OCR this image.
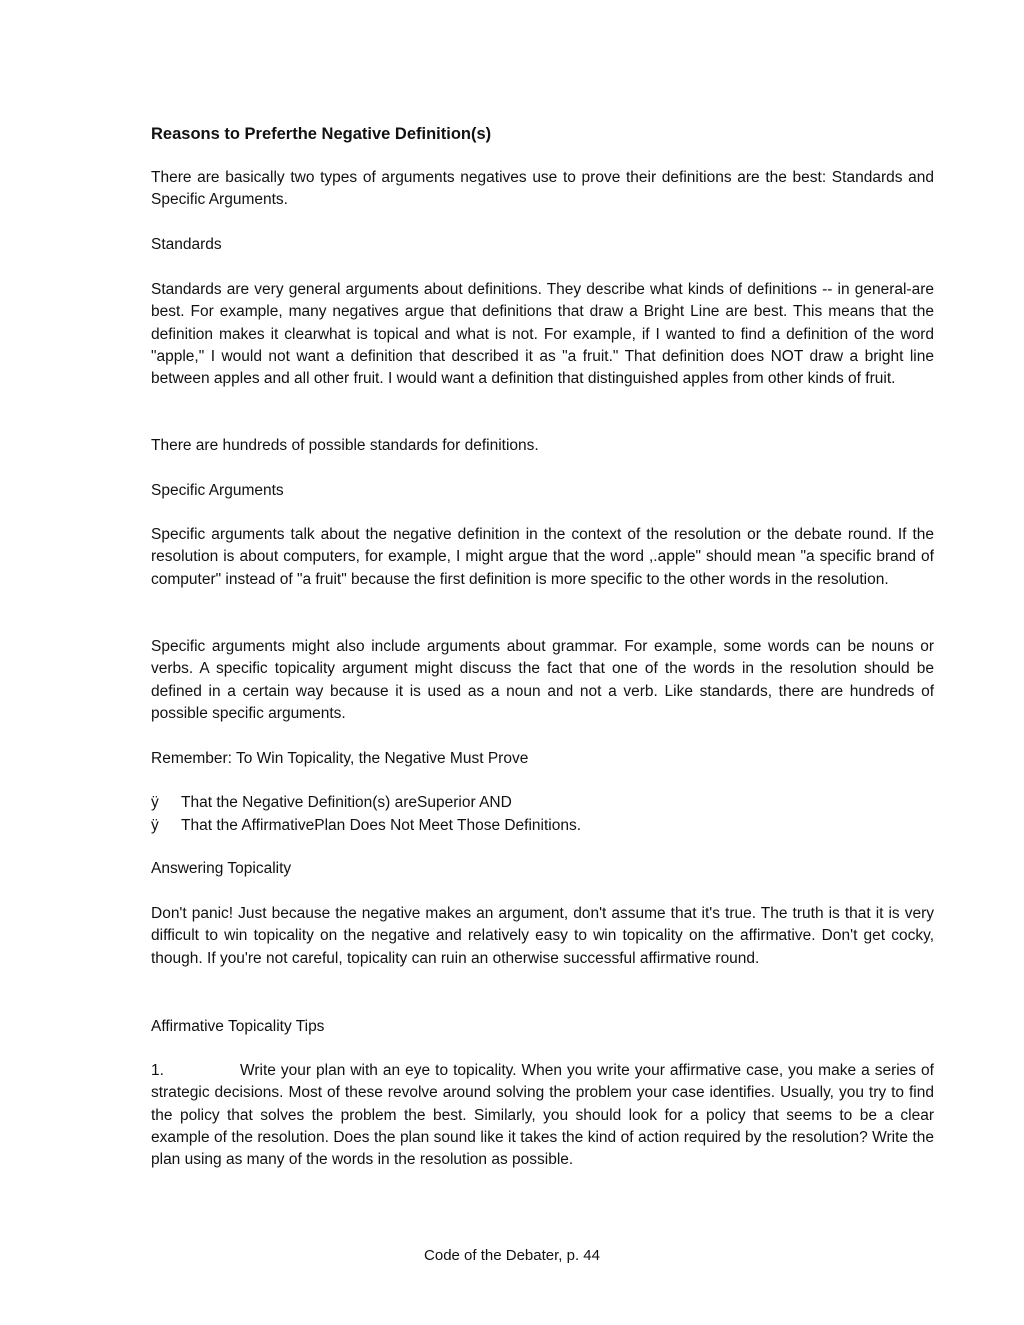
Reasons to Preferthe Negative Definition(s)

There are basically two types of arguments negatives use to prove their definitions are the best: Standards and Specific Arguments.

Standards

Standards are very general arguments about definitions. They describe what kinds of definitions -- in general-are best. For example, many negatives argue that definitions that draw a Bright Line are best. This means that the definition makes it clearwhat is topical and what is not. For example, if I wanted to find a definition of the word "apple," I would not want a definition that described it as "a fruit." That definition does NOT draw a bright line between apples and all other fruit. I would want a definition that distinguished apples from other kinds of fruit.

There are hundreds of possible standards for definitions.

Specific Arguments

Specific arguments talk about the negative definition in the context of the resolution or the debate round. If the resolution is about computers, for example, I might argue that the word ,.apple" should mean "a specific brand of computer" instead of "a fruit" because the first definition is more specific to the other words in the resolution.

Specific arguments might also include arguments about grammar. For example, some words can be nouns or verbs. A specific topicality argument might discuss the fact that one of the words in the resolution should be defined in a certain way because it is used as a noun and not a verb. Like standards, there are hundreds of possible specific arguments.

Remember: To Win Topicality, the Negative Must Prove

ÿ	That the Negative Definition(s) areSuperior AND
ÿ	That the AffirmativePlan Does Not Meet Those Definitions.

Answering Topicality

Don't panic! Just because the negative makes an argument, don't assume that it's true. The truth is that it is very difficult to win topicality on the negative and relatively easy to win topicality on the affirmative. Don't get cocky, though. If you're not careful, topicality can ruin an otherwise successful affirmative round.

Affirmative Topicality Tips

1.	Write your plan with an eye to topicality. When you write your affirmative case, you make a series of strategic decisions. Most of these revolve around solving the problem your case identifies. Usually, you try to find the policy that solves the problem the best. Similarly, you should look for a policy that seems to be a clear example of the resolution. Does the plan sound like it takes the kind of action required by the resolution? Write the plan using as many of the words in the resolution as possible.

Code of the Debater, p. 44
